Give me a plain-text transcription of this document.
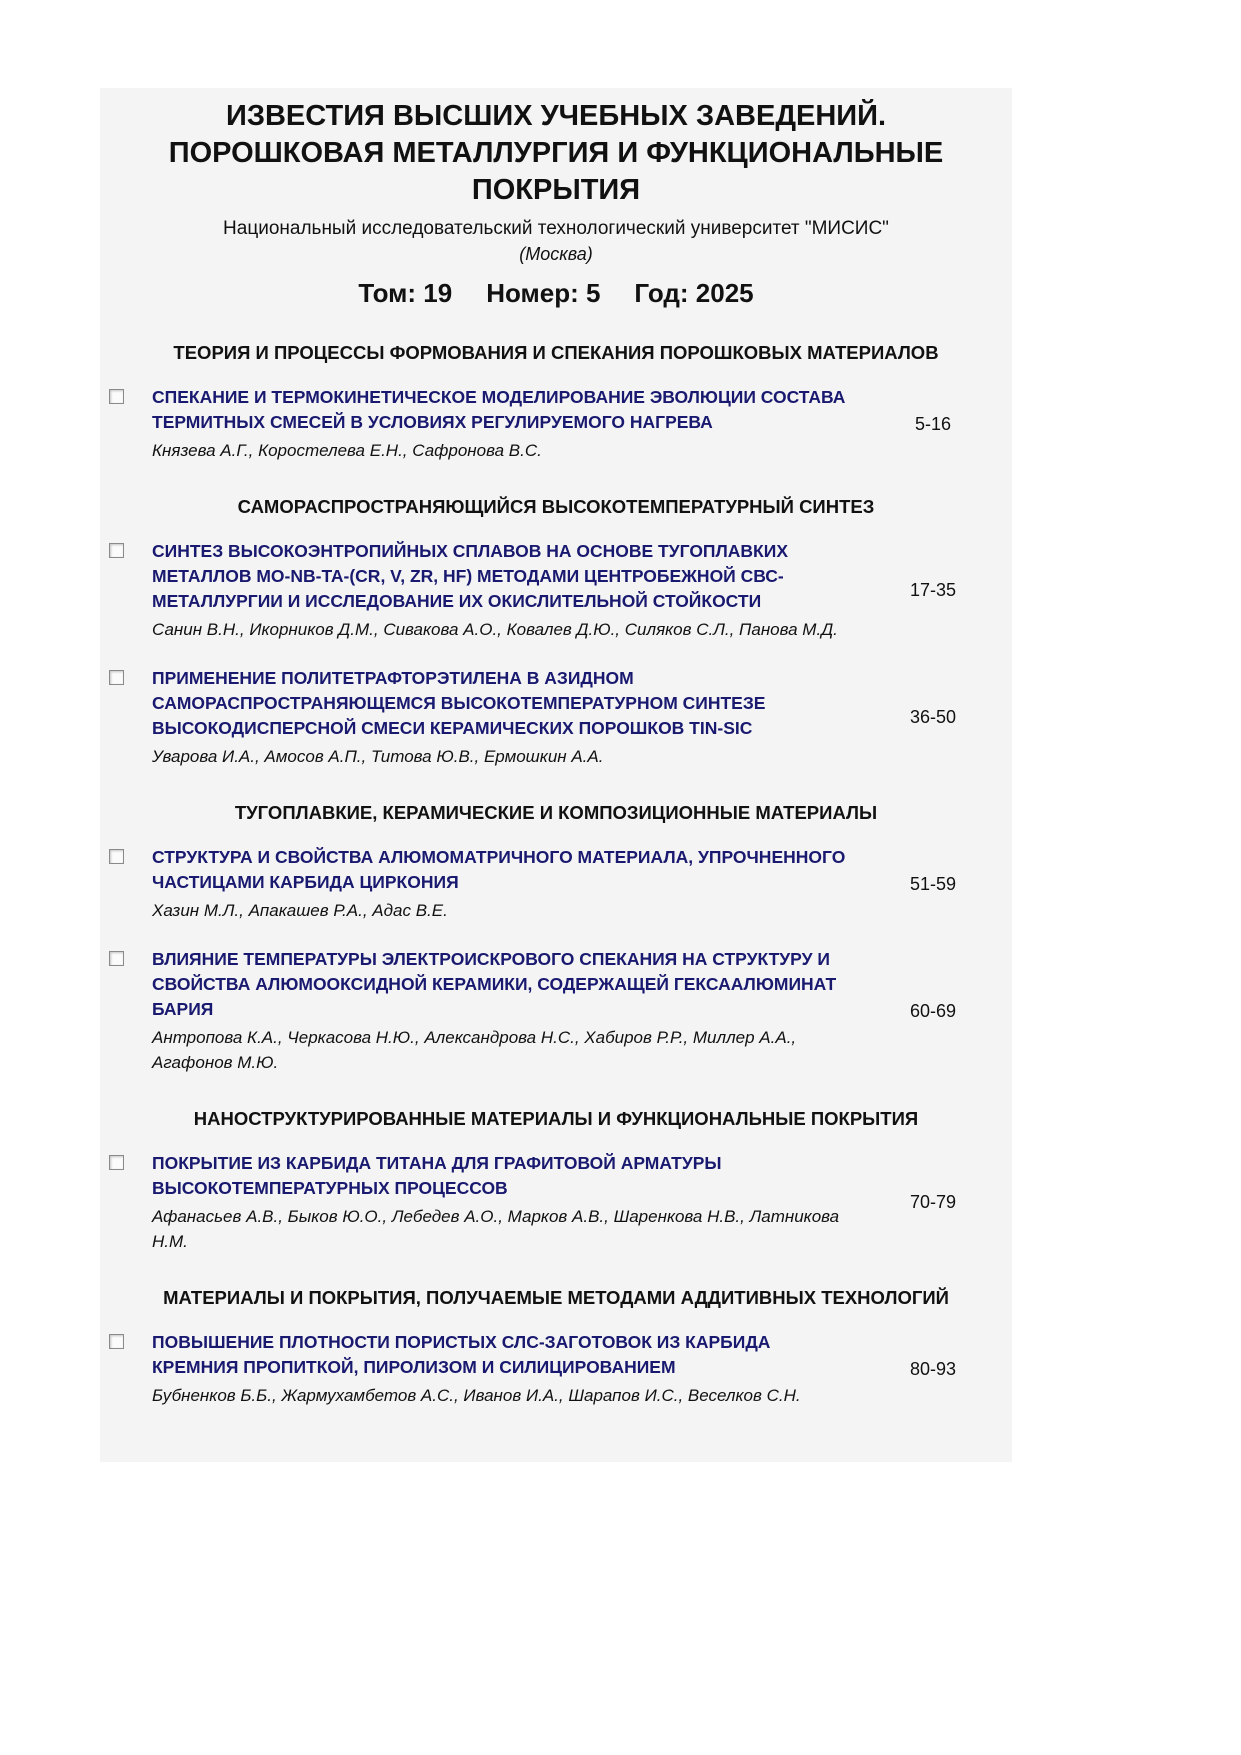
ИЗВЕСТИЯ ВЫСШИХ УЧЕБНЫХ ЗАВЕДЕНИЙ.
ПОРОШКОВАЯ МЕТАЛЛУРГИЯ И ФУНКЦИОНАЛЬНЫЕ
ПОКРЫТИЯ
Национальный исследовательский технологический университет "МИСИС"
(Москва)
Том: 19 Номер: 5 Год: 2025
ТЕОРИЯ И ПРОЦЕССЫ ФОРМОВАНИЯ И СПЕКАНИЯ ПОРОШКОВЫХ МАТЕРИАЛОВ
СПЕКАНИЕ И ТЕРМОКИНЕТИЧЕСКОЕ МОДЕЛИРОВАНИЕ ЭВОЛЮЦИИ СОСТАВА ТЕРМИТНЫХ СМЕСЕЙ В УСЛОВИЯХ РЕГУЛИРУЕМОГО НАГРЕВА
Князева А.Г., Коростелева Е.Н., Сафронова В.С.
5-16
САМОРАСПРОСТРАНЯЮЩИЙСЯ ВЫСОКОТЕМПЕРАТУРНЫЙ СИНТЕЗ
СИНТЕЗ ВЫСОКОЭНТРОПИЙНЫХ СПЛАВОВ НА ОСНОВЕ ТУГОПЛАВКИХ МЕТАЛЛОВ MO-NB-TA-(CR, V, ZR, HF) МЕТОДАМИ ЦЕНТРОБЕЖНОЙ СВС-МЕТАЛЛУРГИИ И ИССЛЕДОВАНИЕ ИХ ОКИСЛИТЕЛЬНОЙ СТОЙКОСТИ
Санин В.Н., Икорников Д.М., Сивакова А.О., Ковалев Д.Ю., Силяков С.Л., Панова М.Д.
17-35
ПРИМЕНЕНИЕ ПОЛИТЕТРАФТОРЭТИЛЕНА В АЗИДНОМ САМОРАСПРОСТРАНЯЮЩЕМСЯ ВЫСОКОТЕМПЕРАТУРНОМ СИНТЕЗЕ ВЫСОКОДИСПЕРСНОЙ СМЕСИ КЕРАМИЧЕСКИХ ПОРОШКОВ TIN-SIC
Уварова И.А., Амосов А.П., Титова Ю.В., Ермошкин А.А.
36-50
ТУГОПЛАВКИЕ, КЕРАМИЧЕСКИЕ И КОМПОЗИЦИОННЫЕ МАТЕРИАЛЫ
СТРУКТУРА И СВОЙСТВА АЛЮМОМАТРИЧНОГО МАТЕРИАЛА, УПРОЧНЕННОГО ЧАСТИЦАМИ КАРБИДА ЦИРКОНИЯ
Хазин М.Л., Апакашев Р.А., Адас В.Е.
51-59
ВЛИЯНИЕ ТЕМПЕРАТУРЫ ЭЛЕКТРОИСКРОВОГО СПЕКАНИЯ НА СТРУКТУРУ И СВОЙСТВА АЛЮМООКСИДНОЙ КЕРАМИКИ, СОДЕРЖАЩЕЙ ГЕКСААЛЮМИНАТ БАРИЯ
Антропова К.А., Черкасова Н.Ю., Александрова Н.С., Хабиров Р.Р., Миллер А.А., Агафонов М.Ю.
60-69
НАНОСТРУКТУРИРОВАННЫЕ МАТЕРИАЛЫ И ФУНКЦИОНАЛЬНЫЕ ПОКРЫТИЯ
ПОКРЫТИЕ ИЗ КАРБИДА ТИТАНА ДЛЯ ГРАФИТОВОЙ АРМАТУРЫ ВЫСОКОТЕМПЕРАТУРНЫХ ПРОЦЕССОВ
Афанасьев А.В., Быков Ю.О., Лебедев А.О., Марков А.В., Шаренкова Н.В., Латникова Н.М.
70-79
МАТЕРИАЛЫ И ПОКРЫТИЯ, ПОЛУЧАЕМЫЕ МЕТОДАМИ АДДИТИВНЫХ ТЕХНОЛОГИЙ
ПОВЫШЕНИЕ ПЛОТНОСТИ ПОРИСТЫХ СЛС-ЗАГОТОВОК ИЗ КАРБИДА КРЕМНИЯ ПРОПИТКОЙ, ПИРОЛИЗОМ И СИЛИЦИРОВАНИЕМ
Бубненков Б.Б., Жармухамбетов А.С., Иванов И.А., Шарапов И.С., Веселков С.Н.
80-93
